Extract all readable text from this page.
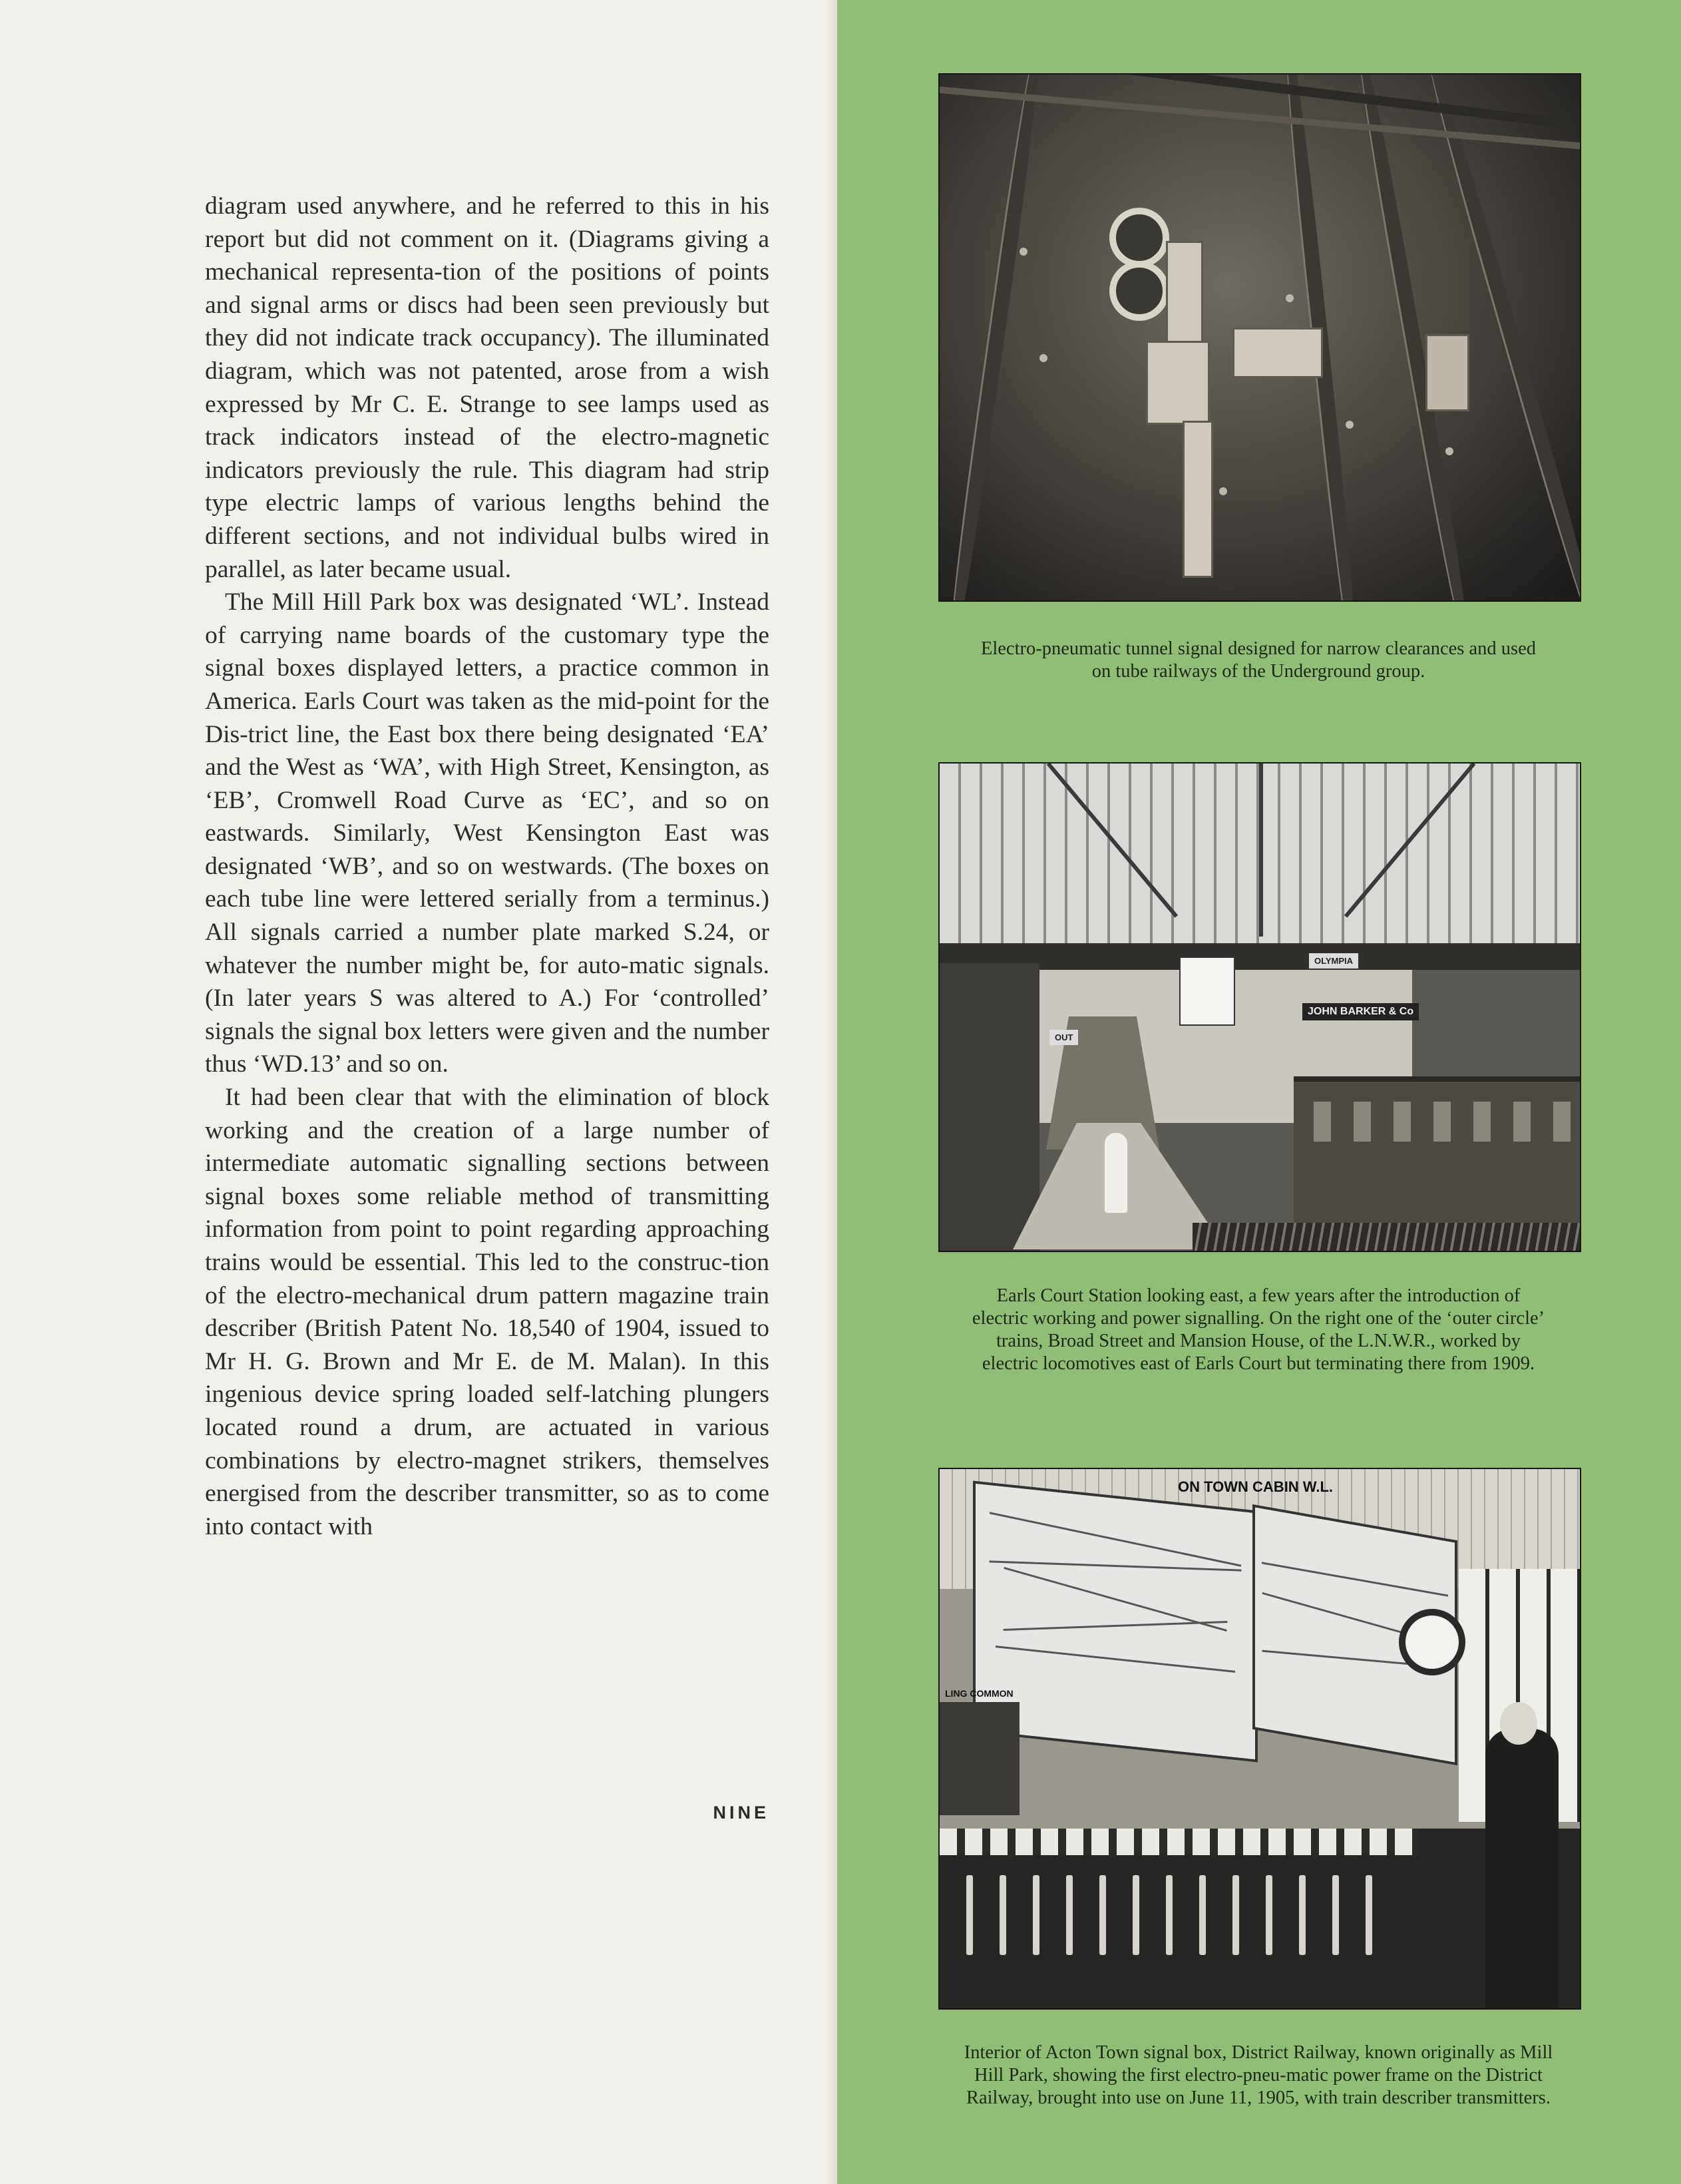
diagram used anywhere, and he referred to this in his report but did not comment on it. (Diagrams giving a mechanical representa-tion of the positions of points and signal arms or discs had been seen previously but they did not indicate track occupancy). The illuminated diagram, which was not patented, arose from a wish expressed by Mr C. E. Strange to see lamps used as track indicators instead of the electro-magnetic indicators previously the rule. This diagram had strip type electric lamps of various lengths behind the different sections, and not individual bulbs wired in parallel, as later became usual.

The Mill Hill Park box was designated ‘WL’. Instead of carrying name boards of the customary type the signal boxes displayed letters, a practice common in America. Earls Court was taken as the mid-point for the Dis-trict line, the East box there being designated ‘EA’ and the West as ‘WA’, with High Street, Kensington, as ‘EB’, Cromwell Road Curve as ‘EC’, and so on eastwards. Similarly, West Kensington East was designated ‘WB’, and so on westwards. (The boxes on each tube line were lettered serially from a terminus.) All signals carried a number plate marked S.24, or whatever the number might be, for auto-matic signals. (In later years S was altered to A.) For ‘controlled’ signals the signal box letters were given and the number thus ‘WD.13’ and so on.

It had been clear that with the elimination of block working and the creation of a large number of intermediate automatic signalling sections between signal boxes some reliable method of transmitting information from point to point regarding approaching trains would be essential. This led to the construc-tion of the electro-mechanical drum pattern magazine train describer (British Patent No. 18,540 of 1904, issued to Mr H. G. Brown and Mr E. de M. Malan). In this ingenious device spring loaded self-latching plungers located round a drum, are actuated in various combinations by electro-magnet strikers, themselves energised from the describer transmitter, so as to come into contact with

NINE
Electro-pneumatic tunnel signal designed for narrow clearances and used on tube railways of the Underground group.
JOHN BARKER & Co
OLYMPIA
OUT
Earls Court Station looking east, a few years after the introduction of electric working and power signalling. On the right one of the ‘outer circle’ trains, Broad Street and Mansion House, of the L.N.W.R., worked by electric locomotives east of Earls Court but terminating there from 1909.
ON TOWN CABIN W.L.
LING COMMON
Interior of Acton Town signal box, District Railway, known originally as Mill Hill Park, showing the first electro-pneu-matic power frame on the District Railway, brought into use on June 11, 1905, with train describer transmitters.
